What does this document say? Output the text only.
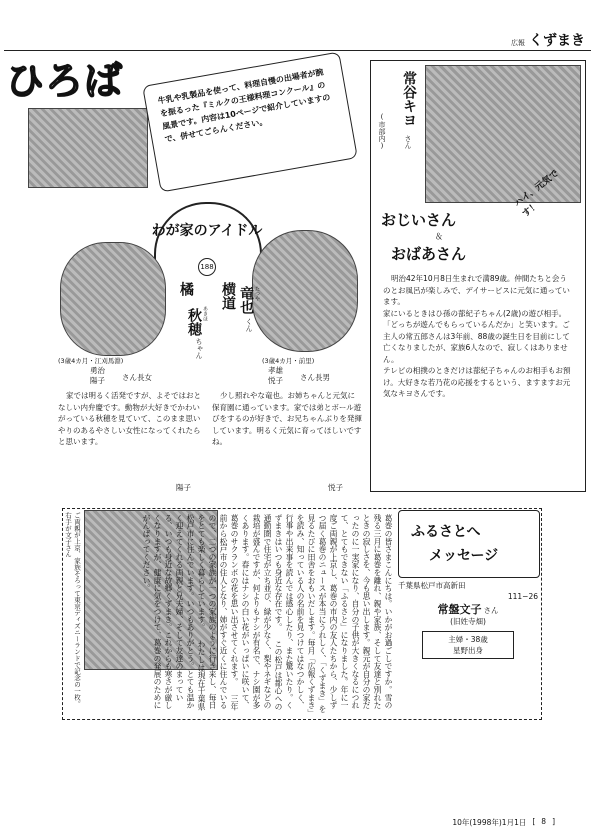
広報 くずまき
ひろば	牛乳や乳製品を使って、料理自慢の出場者が腕を振るった『ミルクの王様料理コンクール』の風景です。内容は10ページで紹介していますので、併せてごらんください。
わが家のアイドル
188
橘
あきほ
秋穂
ちゃん
(3歳4カ月・江刈馬淵)
勇治
陽子 さん長女
家では明るく活発ですが、よそではおとなしい内弁慶です。動物が大好きでかわいがっている秋穂を見ていて、このまま思いやりのあるやさしい女性になってくれたらと思います。
陽子
横道 竜也 たつや
くん
(3歳4カ月・前里)
孝雄
悦子 さん長男
少し照れやな竜也。お姉ちゃんと元気に保育園に通っています。家では弟とボール遊びをするのが好きで、お兄ちゃんぶりを発揮しています。明るく元気に育ってほしいですね。
悦子
常谷キヨ
さん
(市部内)
ハイ、元気です！
おじいさん
＆
おばあさん
明治42年10月8日生まれで満89歳。仲間たちと会うのとお風呂が楽しみで、デイサービスに元気に通っています。
家にいるときはひ孫の蔀紀子ちゃん(2歳)の遊び相手。「どっちが遊んでもらっているんだか」と笑います。ご主人の常五郎さんは3年前、88歳の誕生日を目前にして亡くなりましたが、家族6人なので、寂しくはありません。
テレビの相撲のときだけは蔀紀子ちゃんのお相手もお預け。大好きな若乃花の応援をするという、ますますお元気なキヨさんです。
ご両親が上京、家族そろって東京ディズニーランドで記念の一枚。右手が文子さん	ふるさとへ
メッセージ
千葉県松戸市高新田
111−26
常盤文子 さん
(旧姓寺畑)
主婦・38歳
星野出身
葛巻の皆さまこんにちは。いかがお過ごしですか。雪の残る三月に葛巻を離れ、親や家族、そして友達と別れたときの寂しさを、今も思い出します。親元が自分の家だったのに一実家になり、自分の子供が大きくなるにつれて、とてもできない「ふるさと」になりました。年に一度ご両親が上京し、葛巻の市内の友人たちから、少しずつ届く葛巻のニュースが本当にうれしく、「くずまき」を見るたびに田舎をおもいだします。毎月「広報くずまき」を読み、知っている人の名前を見つけてはなつかしく、行事や出来事を読んでは感心したり、また驚いたり。くずまきはいつも身近な存在です。 この松戸は都心への通勤圏で住宅が立ち並び、緑が少なく、梨やネギなどの栽培が盛んですが、何よりもナシが有名で、ナシ園が多くあります。春にはナシの白い花がいっぱいに咲いて、葛巻のサクランボの花を思い出させてくれます。 三年前から松戸市の住人となり、姉がすぐ近くに住んでいるので、二つの家族が一つの家族のように行き来し、毎日をとても楽しく暮らしています。 わたしは現在千葉県松戸市に住んでいます。いつもありがとう。とても温かく迎えてくれる両親と兄夫婦、そして友達のまっている、いつも身近な故郷くずまき。これからも寒さが厳しくなりますが、健康に気をつけて、葛巻の発展のためにがんばってください。
10年(1998年)1月1日 [ 8 ]
